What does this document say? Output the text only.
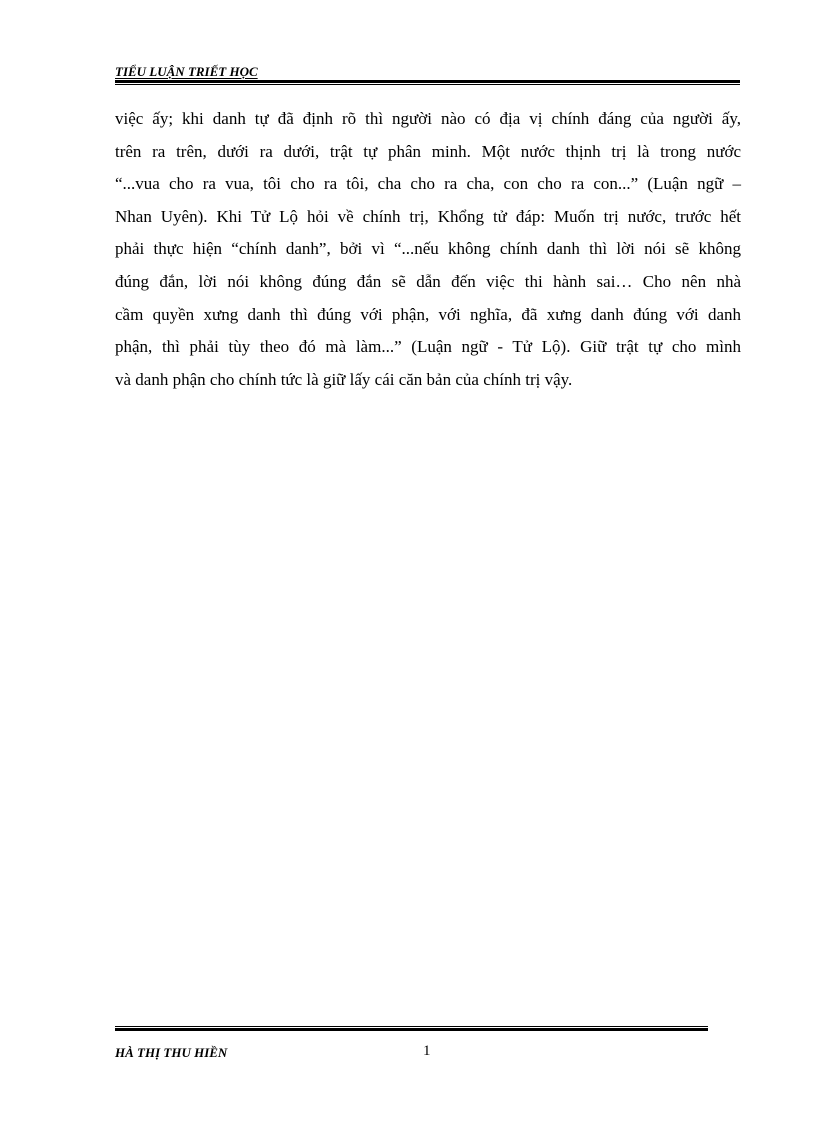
TIỂU LUẬN TRIẾT HỌC
việc ấy; khi danh tự đã định rõ thì người nào có địa vị chính đáng của người ấy,
trên ra trên, dưới ra dưới, trật tự phân minh. Một nước thịnh trị là trong nước
“...vua cho ra vua, tôi cho ra tôi, cha cho ra cha, con cho ra con...” (Luận ngữ –
Nhan Uyên). Khi Tử Lộ hỏi về chính trị, Khổng tử đáp: Muốn trị nước, trước hết
phải thực hiện “chính danh”, bởi vì “...nếu không chính danh thì lời nói sẽ không
đúng đắn, lời nói không đúng đắn sẽ dẫn đến việc thi hành sai… Cho nên nhà
cầm quyền xưng danh thì đúng với phận, với nghĩa, đã xưng danh đúng với danh
phận, thì phải tùy theo đó mà làm...” (Luận ngữ - Tử Lộ). Giữ trật tự cho mình
và danh phận cho chính tức là giữ lấy cái căn bản của chính trị vậy.
HÀ THỊ THU HIỀN	1
